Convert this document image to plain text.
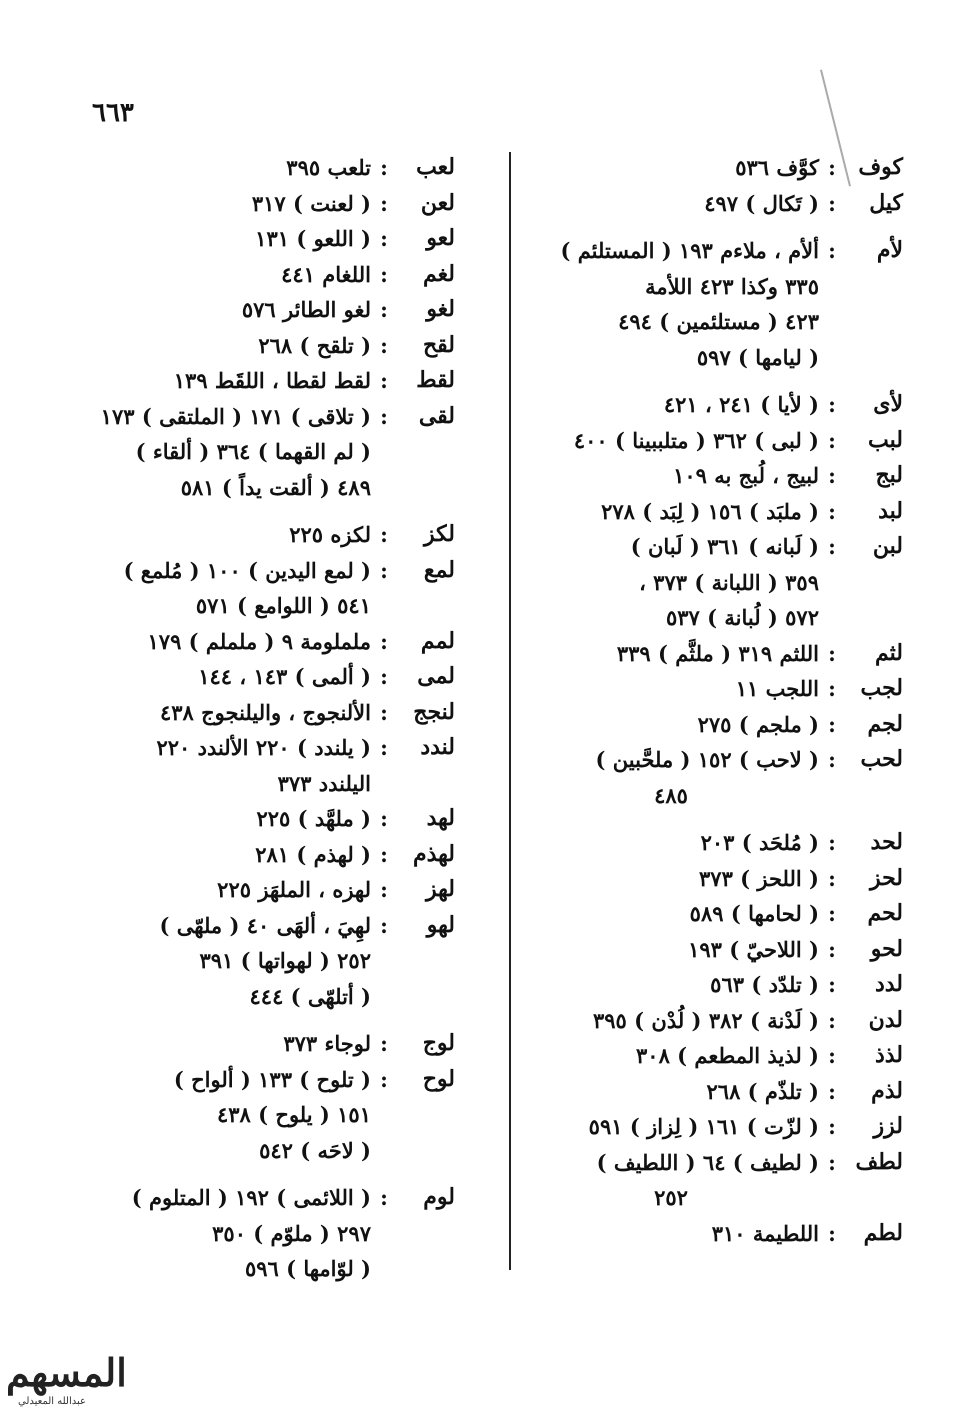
٦٦٣
كوف
:
كوَّف ٥٣٦
كيل
:
( تَكال ) ٤٩٧
لأم
:
ألأم ، ملاءم ١٩٣ ( المستلئم )
٣٣٥ وكذا ٤٢٣ اللأمة
٤٢٣ ( مستلئمين ) ٤٩٤
( ليامها ) ٥٩٧
لأى
:
( لأيا ) ٢٤١ ، ٤٢١
لبب
:
( لبى ) ٣٦٢ ( متلببينا ) ٤٠٠
لبج
:
لبيج ، لُبج به ١٠٩
لبد
:
( ملبَد ) ١٥٦ ( لِبَد ) ٢٧٨
لبن
:
( لَبانه ) ٣٦١ ( لَبان )
٣٥٩ ( اللبانة ) ٣٧٣ ،
٥٧٢ ( لُبانة ) ٥٣٧
لثم
:
اللثم ٣١٩ ( ملثَّم ) ٣٣٩
لجب
:
اللجب ١١
لجم
:
( ملجم ) ٢٧٥
لحب
:
( لاحب ) ١٥٢ ( ملحَّبين )
٤٨٥
لحد
:
( مُلحَد ) ٢٠٣
لحز
:
( اللحز ) ٣٧٣
لحم
:
( لحامها ) ٥٨٩
لحو
:
( اللاحيّ ) ١٩٣
لدد
:
( تلدّد ) ٥٦٣
لدن
:
( لَدْنة ) ٣٨٢ ( لُدْن ) ٣٩٥
لذذ
:
( لذيذ المطعم ) ٣٠٨
لذم
:
( تلذّم ) ٢٦٨
لزز
:
( لزّت ) ١٦١ ( لِزاز ) ٥٩١
لطف
:
( لطيف ) ٦٤ ( اللطيف )
٢٥٢
لطم
:
اللطيمة ٣١٠
لعب
:
تلعب ٣٩٥
لعن
:
( لعنت ) ٣١٧
لعو
:
( اللعو ) ١٣١
لغم
:
اللغام ٤٤١
لغو
:
لغو الطائر ٥٧٦
لقح
:
( تلقح ) ٢٦٨
لقط
:
لقط لقطا ، اللقَط ١٣٩
لقى
:
( تلاقى ) ١٧١ ( الملتقى ) ١٧٣
( لم القهما ) ٣٦٤ ( ألقاء )
٤٨٩ ( ألقت يداً ) ٥٨١
لكز
:
لكزه ٢٢٥
لمع
:
( لمع اليدين ) ١٠٠ ( مُلمع )
٥٤١ ( اللوامع ) ٥٧١
لمم
:
ململومة ٩ ( ململم ) ١٧٩
لمى
:
( ألمى ) ١٤٣ ، ١٤٤
لنجج
:
الألنجوج ، واليلنجوج ٤٣٨
لندد
:
( يلندد ) ٢٢٠ الألندد ٢٢٠
اليلندد ٣٧٣
لهد
:
( ملهَّد ) ٢٢٥
لهذم
:
( لهذم ) ٢٨١
لهز
:
لهزه ، الملهَز ٢٢٥
لهو
:
لهِيَ ، ألهَى ٤٠ ( ملهّى )
٢٥٢ ( لهواتها ) ٣٩١
( أتلهّى ) ٤٤٤
لوج
:
لوجاء ٣٧٣
لوح
:
( تلوح ) ١٣٣ ( ألواح )
١٥١ ( يلوح ) ٤٣٨
( لاحَه ) ٥٤٢
لوم
:
( اللائمى ) ١٩٢ ( المتلوم )
٢٩٧ ( ملوّم ) ٣٥٠
( لوّامها ) ٥٩٦
المسهم
عبدالله المعيدلي
